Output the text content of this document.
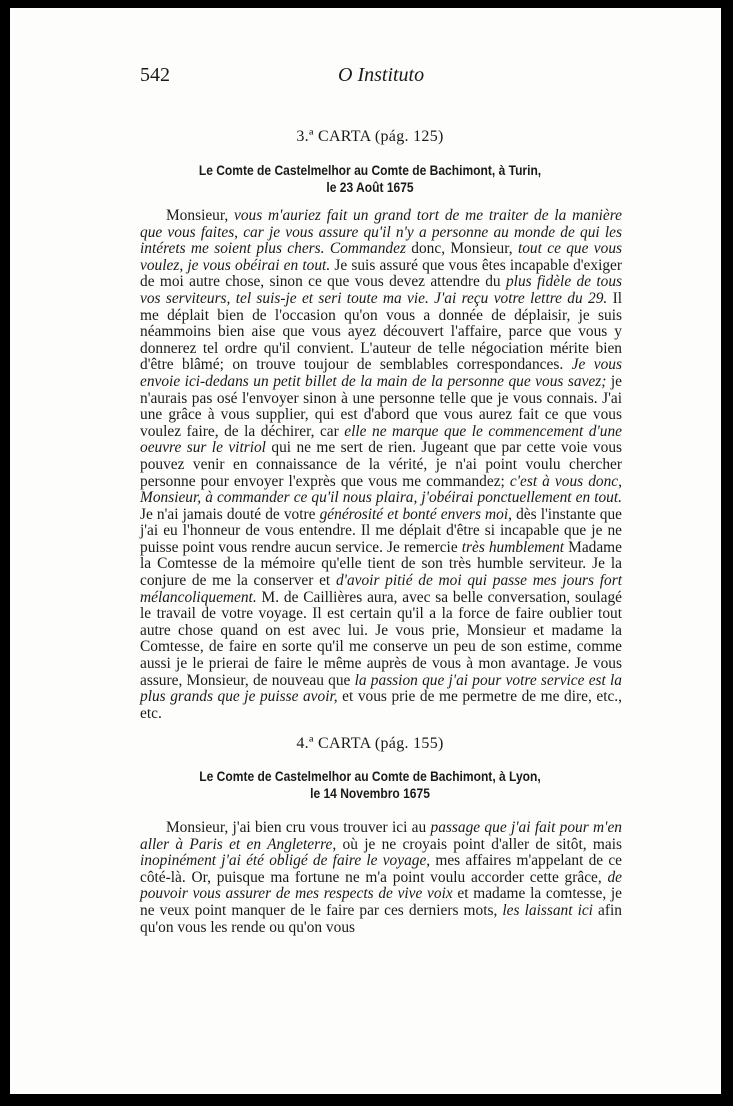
542	O Instituto
3.ª CARTA (pág. 125)
Le Comte de Castelmelhor au Comte de Bachimont, à Turin,
le 23 Août 1675

Monsieur, vous m'auriez fait un grand tort de me traiter de la manière que vous faites, car je vous assure qu'il n'y a personne au monde de qui les intérets me soient plus chers. Commandez donc, Monsieur, tout ce que vous voulez, je vous obéirai en tout. Je suis assuré que vous êtes incapable d'exiger de moi autre chose, sinon ce que vous devez attendre du plus fidèle de tous vos serviteurs, tel suis-je et seri toute ma vie. J'ai reçu votre lettre du 29. Il me déplait bien de l'occasion qu'on vous a donnée de déplaisir, je suis néammoins bien aise que vous ayez découvert l'affaire, parce que vous y donnerez tel ordre qu'il convient. L'auteur de telle négociation mérite bien d'être blâmé; on trouve toujour de semblables correspondances. Je vous envoie ici-dedans un petit billet de la main de la personne que vous savez; je n'aurais pas osé l'envoyer sinon à une personne telle que je vous connais. J'ai une grâce à vous supplier, qui est d'abord que vous aurez fait ce que vous voulez faire, de la déchirer, car elle ne marque que le commencement d'une oeuvre sur le vitriol qui ne me sert de rien. Jugeant que par cette voie vous pouvez venir en connaissance de la vérité, je n'ai point voulu chercher personne pour envoyer l'exprès que vous me commandez; c'est à vous donc, Monsieur, à commander ce qu'il nous plaira, j'obéirai ponctuellement en tout. Je n'ai jamais douté de votre générosité et bonté envers moi, dès l'instante que j'ai eu l'honneur de vous entendre. Il me déplait d'être si incapable que je ne puisse point vous rendre aucun service. Je remercie très humblement Madame la Comtesse de la mémoire qu'elle tient de son très humble serviteur. Je la conjure de me la conserver et d'avoir pitié de moi qui passe mes jours fort mélancoliquement. M. de Caillières aura, avec sa belle conversation, soulagé le travail de votre voyage. Il est certain qu'il a la force de faire oublier tout autre chose quand on est avec lui. Je vous prie, Monsieur et madame la Comtesse, de faire en sorte qu'il me conserve un peu de son estime, comme aussi je le prierai de faire le même auprès de vous à mon avantage. Je vous assure, Monsieur, de nouveau que la passion que j'ai pour votre service est la plus grands que je puisse avoir, et vous prie de me permetre de me dire, etc., etc.

4.ª CARTA (pág. 155)
Le Comte de Castelmelhor au Comte de Bachimont, à Lyon,
le 14 Novembro 1675

Monsieur, j'ai bien cru vous trouver ici au passage que j'ai fait pour m'en aller à Paris et en Angleterre, où je ne croyais point d'aller de sitôt, mais inopinément j'ai été obligé de faire le voyage, mes affaires m'appelant de ce côté-là. Or, puisque ma fortune ne m'a point voulu accorder cette grâce, de pouvoir vous assurer de mes respects de vive voix et madame la comtesse, je ne veux point manquer de le faire par ces derniers mots, les laissant ici afin qu'on vous les rende ou qu'on vous
